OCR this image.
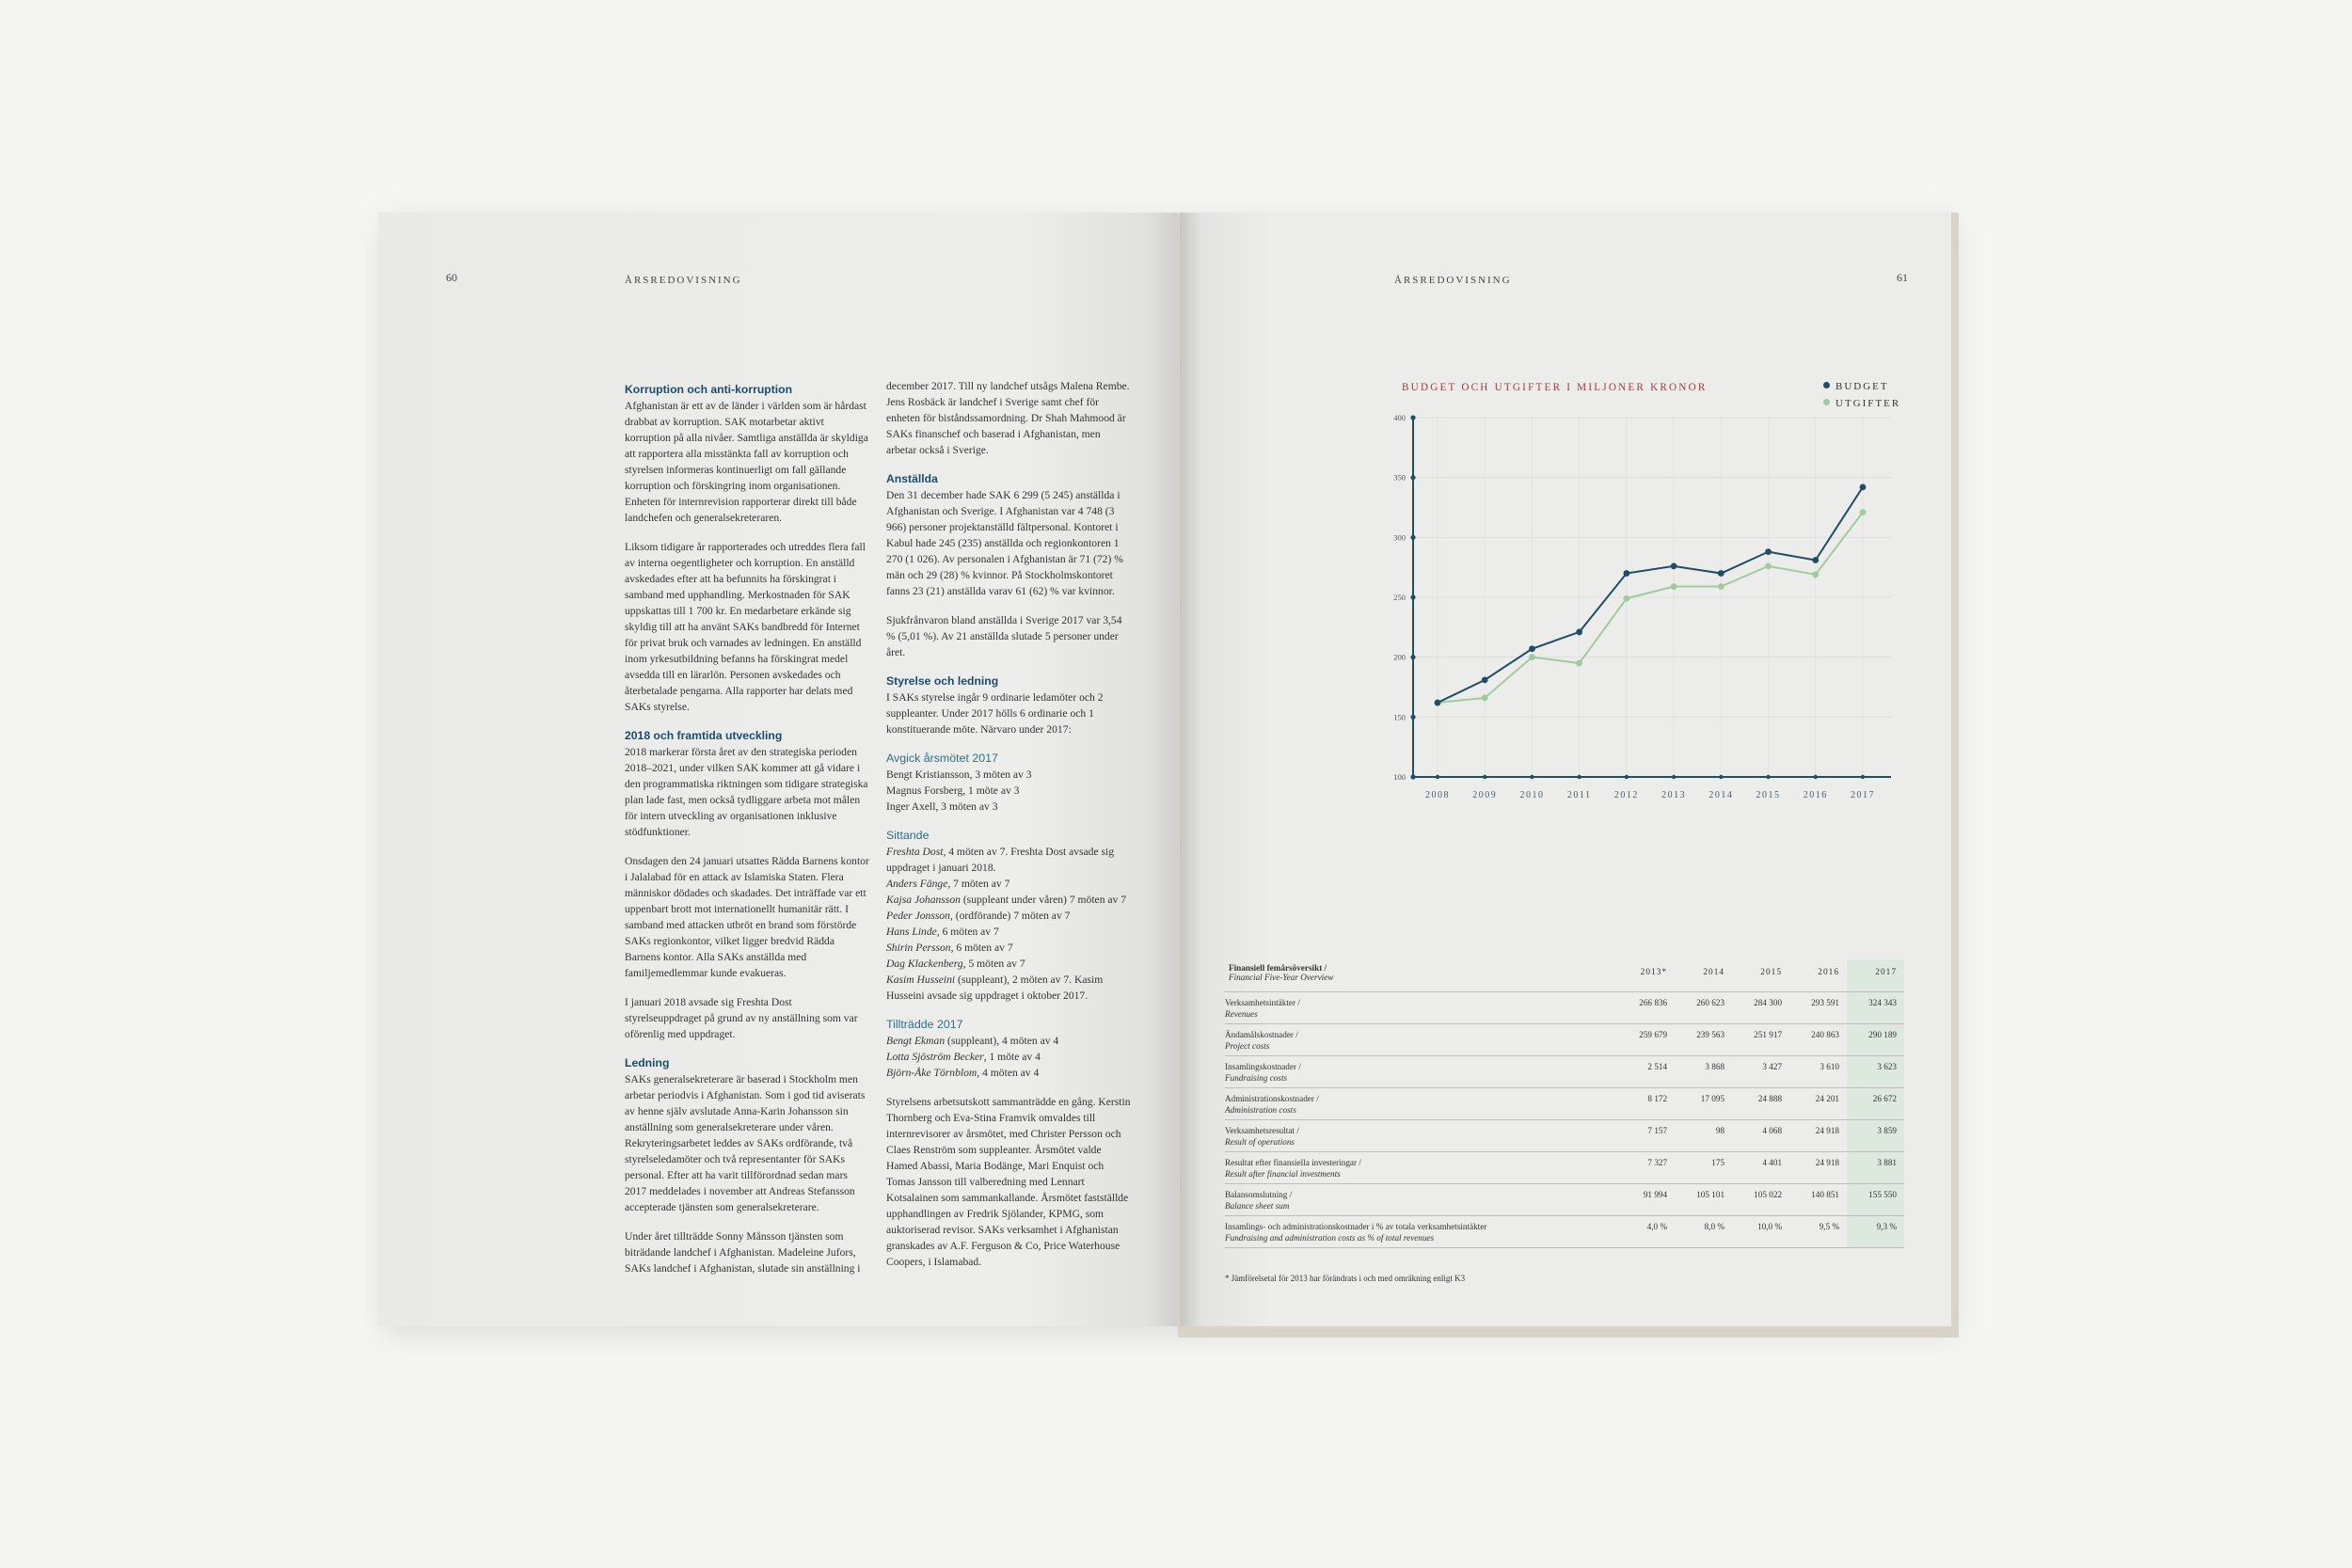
60	ÅRSREDOVISNING
Korruption och anti-korruption

Afghanistan är ett av de länder i världen som är hårdast drabbat av korruption. SAK motarbetar aktivt korruption på alla nivåer. Samtliga anställda är skyldiga att rapportera alla misstänkta fall av korruption och styrelsen informeras kontinuerligt om fall gällande korruption och förskingring inom organisationen. Enheten för internrevision rapporterar direkt till både landchefen och generalsekreteraren.

Liksom tidigare år rapporterades och utreddes flera fall av interna oegentligheter och korruption. En anställd avskedades efter att ha befunnits ha förskingrat i samband med upphandling. Merkostnaden för SAK uppskattas till 1 700 kr. En medarbetare erkände sig skyldig till att ha använt SAKs bandbredd för Internet för privat bruk och varnades av ledningen. En anställd inom yrkesutbildning befanns ha förskingrat medel avsedda till en lärarlön. Personen avskedades och återbetalade pengarna. Alla rapporter har delats med SAKs styrelse.

2018 och framtida utveckling

2018 markerar första året av den strategiska perioden 2018–2021, under vilken SAK kommer att gå vidare i den programmatiska riktningen som tidigare strategiska plan lade fast, men också tydliggare arbeta mot målen för intern utveckling av organisationen inklusive stödfunktioner.

Onsdagen den 24 januari utsattes Rädda Barnens kontor i Jalalabad för en attack av Islamiska Staten. Flera människor dödades och skadades. Det inträffade var ett uppenbart brott mot internationellt humanitär rätt. I samband med attacken utbröt en brand som förstörde SAKs regionkontor, vilket ligger bredvid Rädda Barnens kontor. Alla SAKs anställda med familjemedlemmar kunde evakueras.

I januari 2018 avsade sig Freshta Dost styrelseuppdraget på grund av ny anställning som var oförenlig med uppdraget.

Ledning

SAKs generalsekreterare är baserad i Stockholm men arbetar periodvis i Afghanistan. Som i god tid aviserats av henne själv avslutade Anna-Karin Johansson sin anställning som generalsekreterare under våren. Rekryteringsarbetet leddes av SAKs ordförande, två styrelseledamöter och två representanter för SAKs personal. Efter att ha varit tillförordnad sedan mars 2017 meddelades i november att Andreas Stefansson accepterade tjänsten som generalsekreterare.

Under året tillträdde Sonny Månsson tjänsten som biträdande landchef i Afghanistan. Madeleine Jufors, SAKs landchef i Afghanistan, slutade sin anställning i

december 2017. Till ny landchef utsågs Malena Rembe. Jens Rosbäck är landchef i Sverige samt chef för enheten för biståndssamordning. Dr Shah Mahmood är SAKs finanschef och baserad i Afghanistan, men arbetar också i Sverige.

Anställda

Den 31 december hade SAK 6 299 (5 245) anställda i Afghanistan och Sverige. I Afghanistan var 4 748 (3 966) personer projektanställd fältpersonal. Kontoret i Kabul hade 245 (235) anställda och regionkontoren 1 270 (1 026). Av personalen i Afghanistan är 71 (72) % män och 29 (28) % kvinnor. På Stockholmskontoret fanns 23 (21) anställda varav 61 (62) % var kvinnor.

Sjukfrånvaron bland anställda i Sverige 2017 var 3,54 % (5,01 %). Av 21 anställda slutade 5 personer under året.

Styrelse och ledning

I SAKs styrelse ingår 9 ordinarie ledamöter och 2 suppleanter. Under 2017 hölls 6 ordinarie och 1 konstituerande möte. Närvaro under 2017:

Avgick årsmötet 2017
Bengt Kristiansson, 3 möten av 3
Magnus Forsberg, 1 möte av 3
Inger Axell, 3 möten av 3
Sittande
Freshta Dost, 4 möten av 7. Freshta Dost avsade sig uppdraget i januari 2018.
Anders Fänge, 7 möten av 7
Kajsa Johansson (suppleant under våren) 7 möten av 7
Peder Jonsson, (ordförande) 7 möten av 7
Hans Linde, 6 möten av 7
Shirin Persson, 6 möten av 7
Dag Klackenberg, 5 möten av 7
Kasim Husseini (suppleant), 2 möten av 7. Kasim Husseini avsade sig uppdraget i oktober 2017.
Tillträdde 2017
Bengt Ekman (suppleant), 4 möten av 4
Lotta Sjöström Becker, 1 möte av 4
Björn-Åke Törnblom, 4 möten av 4

Styrelsens arbetsutskott sammanträdde en gång. Kerstin Thornberg och Eva-Stina Framvik omvaldes till internrevisorer av årsmötet, med Christer Persson och Claes Renström som suppleanter. Årsmötet valde Hamed Abassi, Maria Bodänge, Mari Enquist och Tomas Jansson till valberedning med Lennart Kotsalainen som sammankallande. Årsmötet fastställde upphandlingen av Fredrik Sjölander, KPMG, som auktoriserad revisor. SAKs verksamhet i Afghanistan granskades av A.F. Ferguson & Co, Price Waterhouse Coopers, i Islamabad.

ÅRSREDOVISNING	61
BUDGET OCH UTGIFTER I MILJONER KRONOR	BUDGET
UTGIFTER
100
150
200
250
300
350
400
2008 2009 2010 2011 2012 2013 2014 2015 2016 2017
Finansiell femårsöversikt /
Financial Five-Year Overview	2013*	2014	2015	2016	2017
Verksamhetsintäkter /
Revenues	266 836	260 623	284 300	293 591	324 343
Ändamålskostnader /
Project costs	259 679	239 563	251 917	240 863	290 189
Insamlingskostnader /
Fundraising costs	2 514	3 868	3 427	3 610	3 623
Administrationskostnader /
Administration costs	8 172	17 095	24 888	24 201	26 672
Verksamhetsresultat /
Result of operations	7 157	98	4 068	24 918	3 859
Resultat efter finansiella investeringar /
Result after financial investments	7 327	175	4 401	24 918	3 881
Balansomslutning /
Balance sheet sum	91 994	105 101	105 022	140 851	155 550
Insamlings- och administrationskostnader i % av totala verksamhetsintäkter
Fundraising and administration costs as % of total revenues	4,0 %	8,0 %	10,0 %	9,5 %	9,3 %
* Jämförelsetal för 2013 har förändrats i och med omräkning enligt K3
